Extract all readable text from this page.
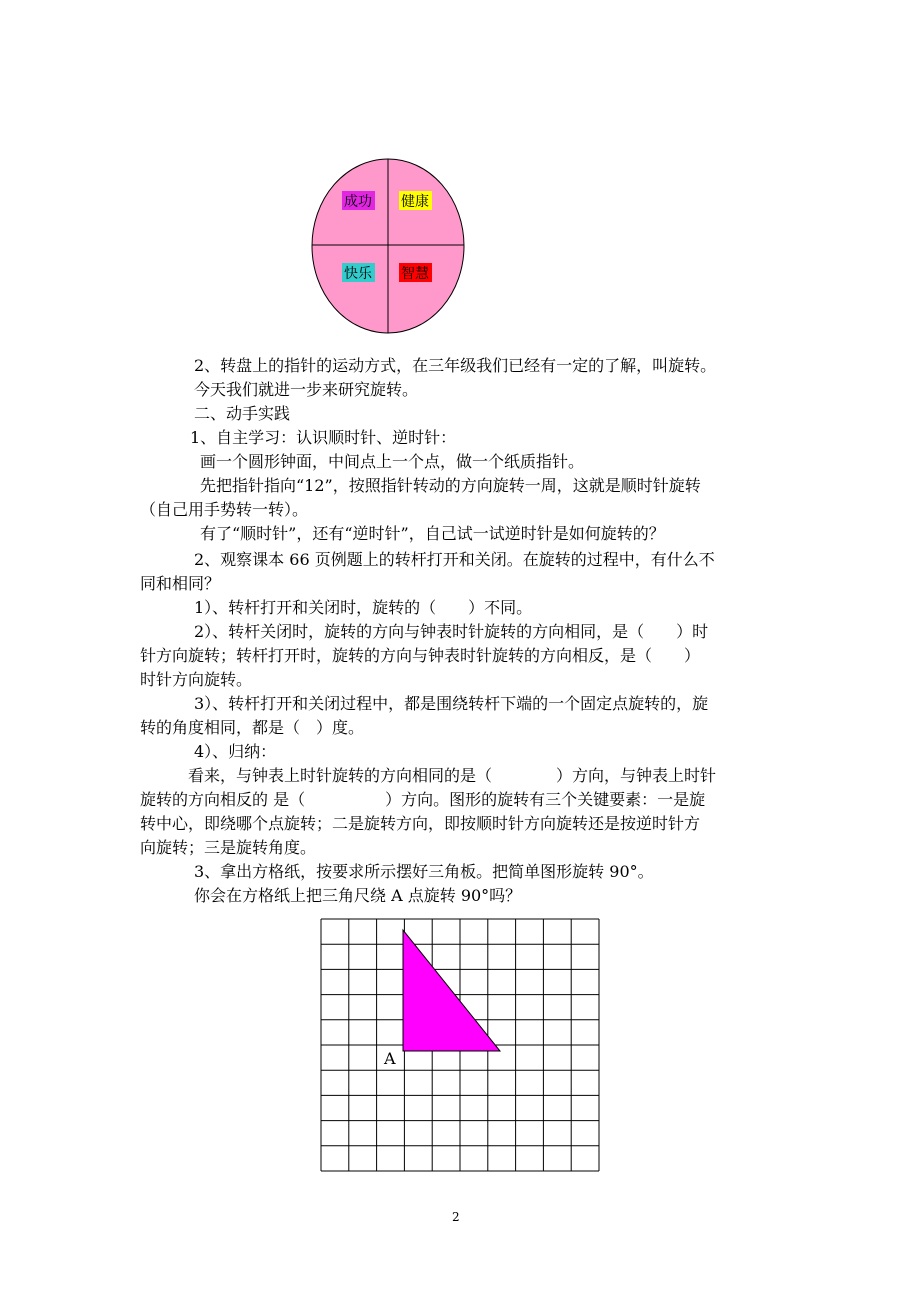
成功 健康
快乐 智慧
2、转盘上的指针的运动方式，在三年级我们已经有一定的了解，叫旋转。
今天我们就进一步来研究旋转。
二、动手实践
1、自主学习：认识顺时针、逆时针：
画一个圆形钟面，中间点上一个点，做一个纸质指针。
先把指针指向“12”，按照指针转动的方向旋转一周，这就是顺时针旋转
（自己用手势转一转）。
有了“顺时针”，还有“逆时针”，自己试一试逆时针是如何旋转的？
2、观察课本 66 页例题上的转杆打开和关闭。在旋转的过程中，有什么不
同和相同？
1）、转杆打开和关闭时，旋转的（　　）不同。
2）、转杆关闭时，旋转的方向与钟表时针旋转的方向相同，是（　　）时
针方向旋转；转杆打开时，旋转的方向与钟表时针旋转的方向相反，是（　　）
时针方向旋转。
3）、转杆打开和关闭过程中，都是围绕转杆下端的一个固定点旋转的，旋
转的角度相同，都是（　）度。
4）、归纳：
看来，与钟表上时针旋转的方向相同的是（　　　　）方向，与钟表上时针
旋转的方向相反的 是（　　　　　）方向。图形的旋转有三个关键要素：一是旋
转中心，即绕哪个点旋转；二是旋转方向，即按顺时针方向旋转还是按逆时针方
向旋转；三是旋转角度。
3、拿出方格纸，按要求所示摆好三角板。把简单图形旋转 90°。
你会在方格纸上把三角尺绕 A 点旋转 90°吗？
A
2
